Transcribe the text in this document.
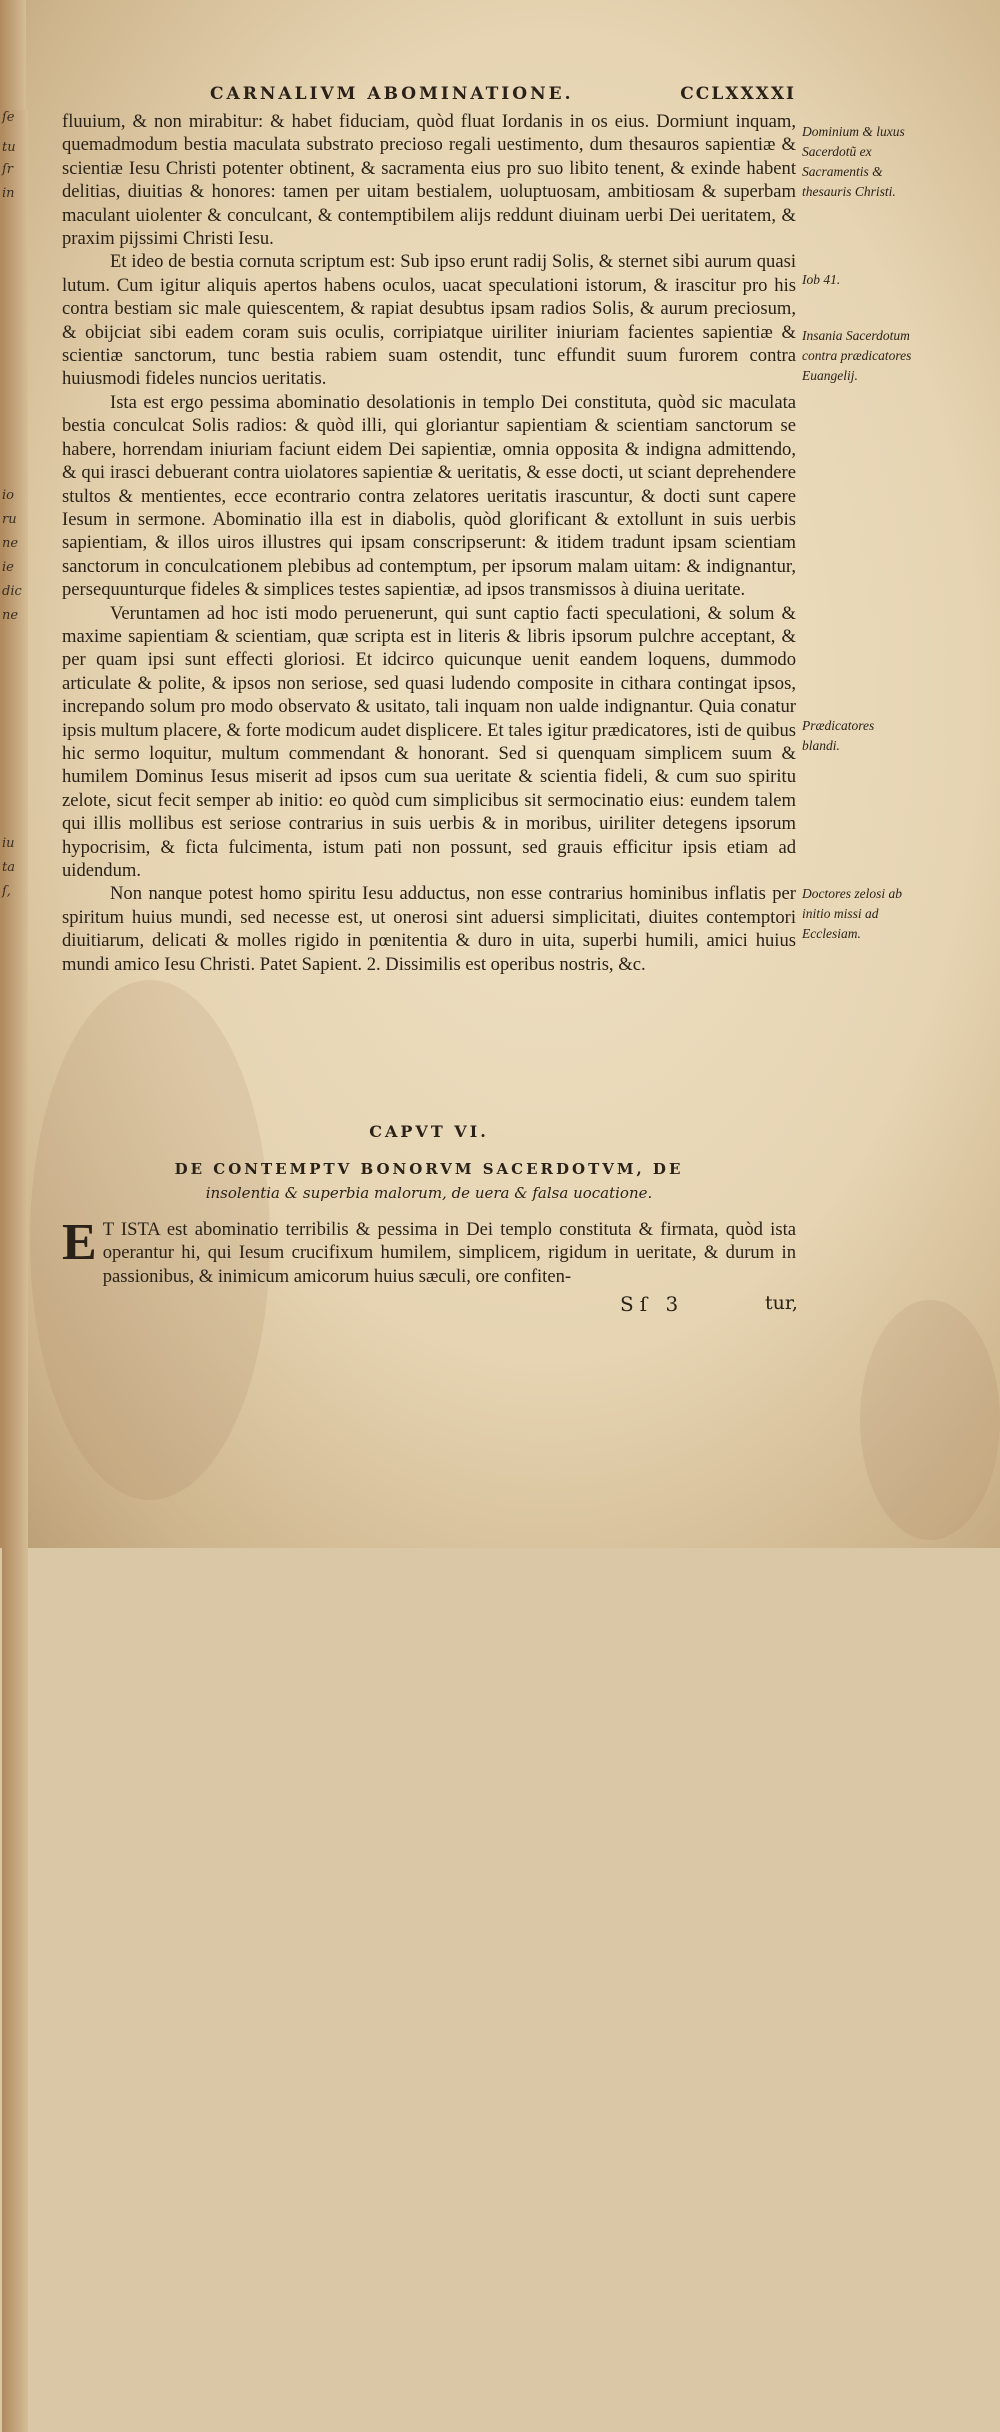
ſe
tu
ſr
in
io
ru
ne
ie
dic
ne
iu
ta
ſ,
CARNALIVM ABOMINATIONE.	CCLXXXXI

fluuium, & non mirabitur: & habet fiduciam, quòd fluat Iordanis in os eius. Dormiunt inquam, quemadmodum bestia maculata substrato precioso regali uestimento, dum thesauros sapientiæ & scientiæ Iesu Christi potenter obtinent, & sacramenta eius pro suo libito tenent, & exinde habent delitias, diuitias & honores: tamen per uitam bestialem, uoluptuosam, ambitiosam & superbam maculant uiolenter & conculcant, & contemptibilem alijs reddunt diuinam uerbi Dei ueritatem, & praxim pijssimi Christi Iesu.

Et ideo de bestia cornuta scriptum est: Sub ipso erunt radij Solis, & sternet sibi aurum quasi lutum. Cum igitur aliquis apertos habens oculos, uacat speculationi istorum, & irascitur pro his contra bestiam sic male quiescentem, & rapiat desubtus ipsam radios Solis, & aurum preciosum, & obijciat sibi eadem coram suis oculis, corripiatque uiriliter iniuriam facientes sapientiæ & scientiæ sanctorum, tunc bestia rabiem suam ostendit, tunc effundit suum furorem contra huiusmodi fideles nuncios ueritatis.

Ista est ergo pessima abominatio desolationis in templo Dei constituta, quòd sic maculata bestia conculcat Solis radios: & quòd illi, qui gloriantur sapientiam & scientiam sanctorum se habere, horrendam iniuriam faciunt eidem Dei sapientiæ, omnia opposita & indigna admittendo, & qui irasci debuerant contra uiolatores sapientiæ & ueritatis, & esse docti, ut sciant deprehendere stultos & mentientes, ecce econtrario contra zelatores ueritatis irascuntur, & docti sunt capere Iesum in sermone. Abominatio illa est in diabolis, quòd glorificant & extollunt in suis uerbis sapientiam, & illos uiros illustres qui ipsam conscripserunt: & itidem tradunt ipsam scientiam sanctorum in conculcationem plebibus ad contemptum, per ipsorum malam uitam: & indignantur, persequunturque fideles & simplices testes sapientiæ, ad ipsos transmissos à diuina ueritate.

Veruntamen ad hoc isti modo peruenerunt, qui sunt captio facti speculationi, & solum & maxime sapientiam & scientiam, quæ scripta est in literis & libris ipsorum pulchre acceptant, & per quam ipsi sunt effecti gloriosi. Et idcirco quicunque uenit eandem loquens, dummodo articulate & polite, & ipsos non seriose, sed quasi ludendo composite in cithara contingat ipsos, increpando solum pro modo observato & usitato, tali inquam non ualde indignantur. Quia conatur ipsis multum placere, & forte modicum audet displicere. Et tales igitur prædicatores, isti de quibus hic sermo loquitur, multum commendant & honorant. Sed si quenquam simplicem suum & humilem Dominus Iesus miserit ad ipsos cum sua ueritate & scientia fideli, & cum suo spiritu zelote, sicut fecit semper ab initio: eo quòd cum simplicibus sit sermocinatio eius: eundem talem qui illis mollibus est seriose contrarius in suis uerbis & in moribus, uiriliter detegens ipsorum hypocrisim, & ficta fulcimenta, istum pati non possunt, sed grauis efficitur ipsis etiam ad uidendum.

Non nanque potest homo spiritu Iesu adductus, non esse contrarius hominibus inflatis per spiritum huius mundi, sed necesse est, ut onerosi sint aduersi simplicitati, diuites contemptori diuitiarum, delicati & molles rigido in pœnitentia & duro in uita, superbi humili, amici huius mundi amico Iesu Christi. Patet Sapient. 2. Dissimilis est operibus nostris, &c.

Dominium & luxus Sacerdotũ ex Sacramentis & thesauris Christi.
Iob 41.
Insania Sacerdotum contra prædicatores Euangelij.
Prædicatores blandi.
Doctores zelosi ab initio missi ad Ecclesiam.
CAPVT VI.
DE CONTEMPTV BONORVM SACERDOTVM, DE
insolentia & superbia malorum, de uera & falsa uocatione.
E T ISTA est abominatio terribilis & pessima in Dei templo constituta & firmata, quòd ista operantur hi, qui Iesum crucifixum humilem, simplicem, rigidum in ueritate, & durum in passionibus, & inimicum amicorum huius sæculi, ore confiten-
Sſ 3	tur,
